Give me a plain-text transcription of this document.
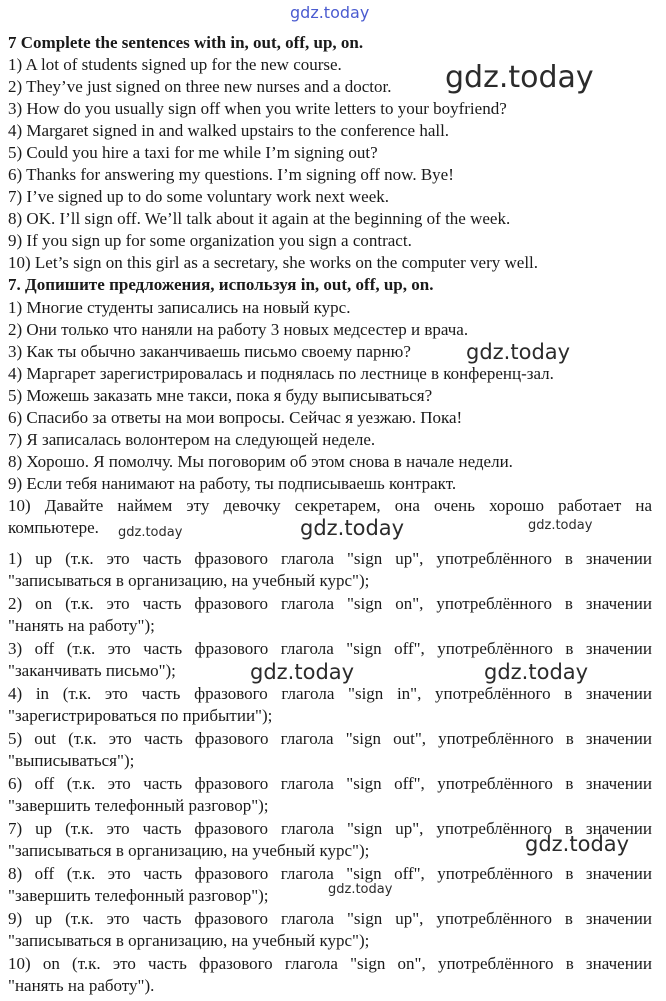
gdz.today

7 Complete the sentences with in, out, off, up, on.

1) A lot of students signed up for the new course.

2) They’ve just signed on three new nurses and a doctor.

3) How do you usually sign off when you write letters to your boyfriend?

4) Margaret signed in and walked upstairs to the conference hall.

5) Could you hire a taxi for me while I’m signing out?

6) Thanks for answering my questions. I’m signing off now. Bye!

7) I’ve signed up to do some voluntary work next week.

8) OK. I’ll sign off. We’ll talk about it again at the beginning of the week.

9) If you sign up for some organization you sign a contract.

10) Let’s sign on this girl as a secretary, she works on the computer very well.

7. Допишите предложения, используя in, out, off, up, on.

1) Многие студенты записались на новый курс.

2) Они только что наняли на работу 3 новых медсестер и врача.

3) Как ты обычно заканчиваешь письмо своему парню?

4) Маргарет зарегистрировалась и поднялась по лестнице в конференц-зал.

5) Можешь заказать мне такси, пока я буду выписываться?

6) Спасибо за ответы на мои вопросы. Сейчас я уезжаю. Пока!

7) Я записалась волонтером на следующей неделе.

8) Хорошо. Я помолчу. Мы поговорим об этом снова в начале недели.

9) Если тебя нанимают на работу, ты подписываешь контракт.

10) Давайте наймем эту девочку секретарем, она очень хорошо работает на

компьютере.

1) up (т.к. это часть фразового глагола "sign up", употреблённого в значении

"записываться в организацию, на учебный курс");

2) on (т.к. это часть фразового глагола "sign on", употреблённого в значении

"нанять на работу");

3) off (т.к. это часть фразового глагола "sign off", употреблённого в значении

"заканчивать письмо");

4) in (т.к. это часть фразового глагола "sign in", употреблённого в значении

"зарегистрироваться по прибытии");

5) out (т.к. это часть фразового глагола "sign out", употреблённого в значении

"выписываться");

6) off (т.к. это часть фразового глагола "sign off", употреблённого в значении

"завершить телефонный разговор");

7) up (т.к. это часть фразового глагола "sign up", употреблённого в значении

"записываться в организацию, на учебный курс");

8) off (т.к. это часть фразового глагола "sign off", употреблённого в значении

"завершить телефонный разговор");

9) up (т.к. это часть фразового глагола "sign up", употреблённого в значении

"записываться в организацию, на учебный курс");

10) on (т.к. это часть фразового глагола "sign on", употреблённого в значении

"нанять на работу").

gdz.today
gdz.today
gdz.today	gdz.today	gdz.today
gdz.today	gdz.today
gdz.today
gdz.today
